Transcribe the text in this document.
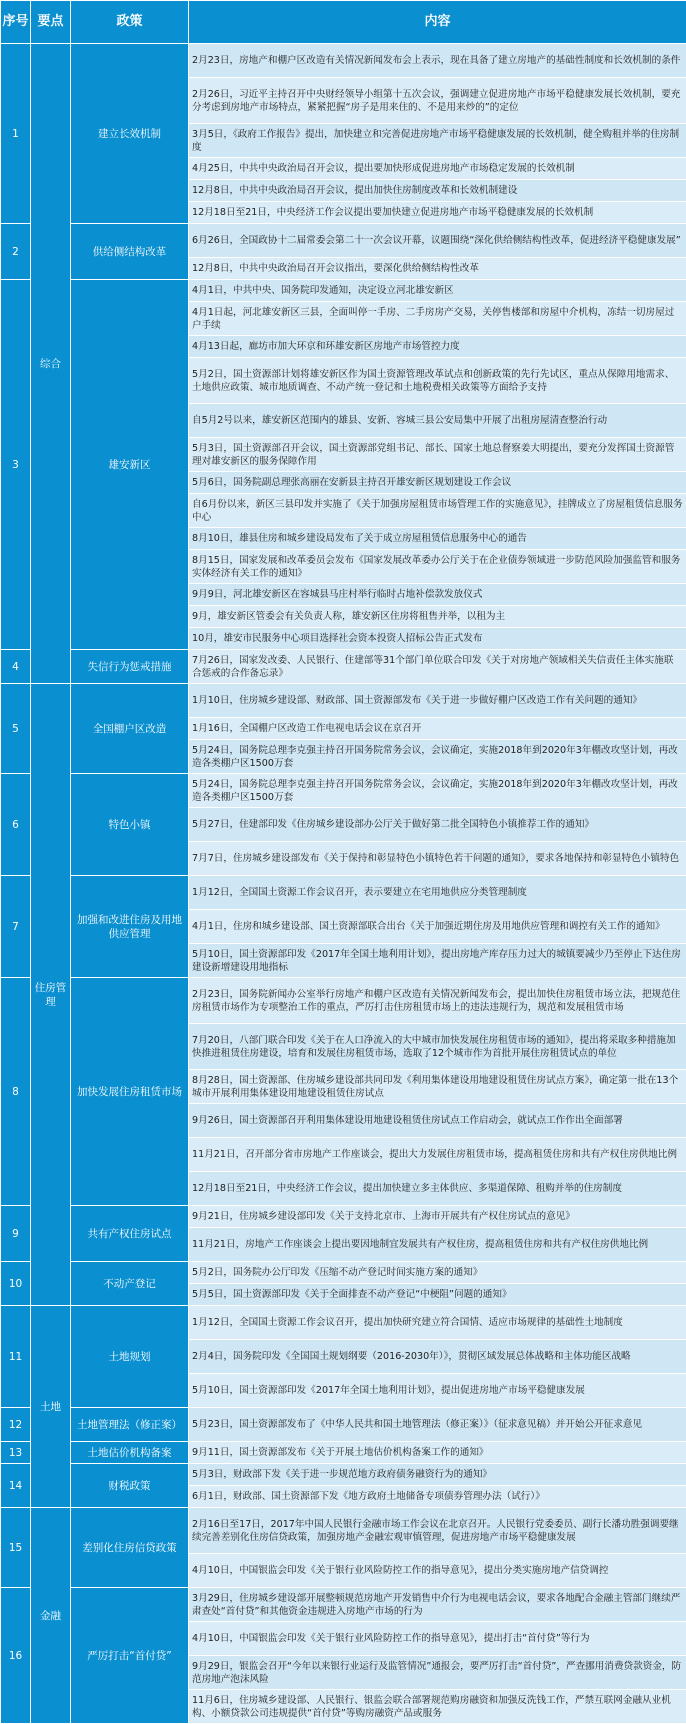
序号	要点	政策	内容
1	综合	建立长效机制	2月23日，房地产和棚户区改造有关情况新闻发布会上表示，现在具备了建立房地产的基础性制度和长效机制的条件

			2月26日，习近平主持召开中央财经领导小组第十五次会议，强调建立促进房地产市场平稳健康发展长效机制，要充分考虑到房地产市场特点，紧紧把握“房子是用来住的、不是用来炒的”的定位

			3月5日，《政府工作报告》提出，加快建立和完善促进房地产市场平稳健康发展的长效机制，健全购租并举的住房制度

			4月25日，中共中央政治局召开会议，提出要加快形成促进房地产市场稳定发展的长效机制

			12月8日，中共中央政治局召开会议，提出加快住房制度改革和长效机制建设

			12月18日至21日，中央经济工作会议提出要加快建立促进房地产市场平稳健康发展的长效机制

2		供给侧结构改革	6月26日，全国政协十二届常委会第二十一次会议开幕，议题围绕“深化供给侧结构性改革，促进经济平稳健康发展”

			12月8日，中共中央政治局召开会议指出，要深化供给侧结构性改革

3		雄安新区	4月1日，中共中央、国务院印发通知，决定设立河北雄安新区

			4月1日起，河北雄安新区三县，全面叫停一手房、二手房房产交易，关停售楼部和房屋中介机构，冻结一切房屋过户手续

			4月13日起，廊坊市加大环京和环雄安新区房地产市场管控力度

			5月2日，国土资源部计划将雄安新区作为国土资源管理改革试点和创新政策的先行先试区，重点从保障用地需求、土地供应政策、城市地质调查、不动产统一登记和土地税费相关政策等方面给予支持

			自5月2号以来，雄安新区范围内的雄县、安新、容城三县公安局集中开展了出租房屋清查整治行动

			5月3日，国土资源部召开会议，国土资源部党组书记、部长、国家土地总督察姜大明提出，要充分发挥国土资源管理对雄安新区的服务保障作用

			5月6日，国务院副总理张高丽在安新县主持召开雄安新区规划建设工作会议

			自6月份以来，新区三县印发并实施了《关于加强房屋租赁市场管理工作的实施意见》，挂牌成立了房屋租赁信息服务中心

			8月10日，雄县住房和城乡建设局发布了关于成立房屋租赁信息服务中心的通告

			8月15日，国家发展和改革委员会发布《国家发展改革委办公厅关于在企业债券领域进一步防范风险加强监管和服务实体经济有关工作的通知》

			9月9日，河北雄安新区在容城县马庄村举行临时占地补偿款发放仪式

			9月，雄安新区管委会有关负责人称，雄安新区住房将租售并举，以租为主

			10月，雄安市民服务中心项目选择社会资本投资人招标公告正式发布

4		失信行为惩戒措施	7月26日，国家发改委、人民银行、住建部等31个部门单位联合印发《关于对房地产领域相关失信责任主体实施联合惩戒的合作备忘录》

5	住房管理	全国棚户区改造	1月10日，住房城乡建设部、财政部、国土资源部发布《关于进一步做好棚户区改造工作有关问题的通知》

			1月16日，全国棚户区改造工作电视电话会议在京召开

			5月24日，国务院总理李克强主持召开国务院常务会议，会议确定，实施2018年到2020年3年棚改攻坚计划，再改造各类棚户区1500万套

6		特色小镇	5月24日，国务院总理李克强主持召开国务院常务会议，会议确定，实施2018年到2020年3年棚改攻坚计划，再改造各类棚户区1500万套

			5月27日，住建部印发《住房城乡建设部办公厅关于做好第二批全国特色小镇推荐工作的通知》

			7月7日，住房城乡建设部发布《关于保持和彰显特色小镇特色若干问题的通知》，要求各地保持和彰显特色小镇特色

7		加强和改进住房及用地供应管理	1月12日，全国国土资源工作会议召开，表示要建立在宅用地供应分类管理制度

			4月1日，住房和城乡建设部、国土资源部联合出台《关于加强近期住房及用地供应管理和调控有关工作的通知》

			5月10日，国土资源部印发《2017年全国土地利用计划》，提出房地产库存压力过大的城镇要减少乃至停止下达住房建设新增建设用地指标

8		加快发展住房租赁市场	2月23日，国务院新闻办公室举行房地产和棚户区改造有关情况新闻发布会，提出加快住房租赁市场立法，把规范住房租赁市场作为专项整治工作的重点，严厉打击住房租赁市场上的违法违规行为，规范和发展租赁市场

			7月20日，八部门联合印发《关于在人口净流入的大中城市加快发展住房租赁市场的通知》，提出将采取多种措施加快推进租赁住房建设，培育和发展住房租赁市场，选取了12个城市作为首批开展住房租赁试点的单位

			8月28日，国土资源部、住房城乡建设部共同印发《利用集体建设用地建设租赁住房试点方案》，确定第一批在13个城市开展利用集体建设用地建设租赁住房试点

			9月26日，国土资源部召开利用集体建设用地建设租赁住房试点工作启动会，就试点工作作出全面部署

			11月21日，召开部分省市房地产工作座谈会，提出大力发展住房租赁市场，提高租赁住房和共有产权住房供地比例

			12月18日至21日，中央经济工作会议，提出加快建立多主体供应、多渠道保障、租购并举的住房制度

9		共有产权住房试点	9月21日，住房城乡建设部印发《关于支持北京市、上海市开展共有产权住房试点的意见》

			11月21日，房地产工作座谈会上提出要因地制宜发展共有产权住房，提高租赁住房和共有产权住房供地比例

10		不动产登记	5月2日，国务院办公厅印发《压缩不动产登记时间实施方案的通知》

			5月5日，国土资源部印发《关于全面排查不动产登记“中梗阻”问题的通知》

11	土地	土地规划	1月12日，全国国土资源工作会议召开，提出加快研究建立符合国情、适应市场规律的基础性土地制度

			2月4日，国务院印发《全国国土规划纲要（2016-2030年）》，贯彻区域发展总体战略和主体功能区战略

			5月10日，国土资源部印发《2017年全国土地利用计划》，提出促进房地产市场平稳健康发展

12		土地管理法（修正案）	5月23日，国土资源部发布了《中华人民共和国土地管理法（修正案）》（征求意见稿）并开始公开征求意见

13		土地估价机构备案	9月11日，国土资源部发布《关于开展土地估价机构备案工作的通知》

14		财税政策	5月3日，财政部下发《关于进一步规范地方政府债务融资行为的通知》

			6月1日，财政部、国土资源部下发《地方政府土地储备专项债券管理办法（试行）》

15	金融	差别化住房信贷政策	2月16日至17日，2017年中国人民银行金融市场工作会议在北京召开。人民银行党委委员、副行长潘功胜强调要继续完善差别化住房信贷政策，加强房地产金融宏观审慎管理，促进房地产市场平稳健康发展

			4月10日，中国银监会印发《关于银行业风险防控工作的指导意见》，提出分类实施房地产信贷调控

16		严厉打击“首付贷”	3月29日，住房城乡建设部开展整顿规范房地产开发销售中介行为电视电话会议，要求各地配合金融主管部门继续严肃查处“首付贷”和其他资金违规进入房地产市场的行为

			4月10日，中国银监会印发《关于银行业风险防控工作的指导意见》，提出打击“首付贷”等行为

			9月29日，银监会召开“今年以来银行业运行及监管情况”通报会，要严厉打击“首付贷”，严查挪用消费贷款资金，防范房地产泡沫风险

			11月6日，住房城乡建设部、人民银行、银监会联合部署规范购房融资和加强反洗钱工作，严禁互联网金融从业机构、小额贷款公司违规提供“首付贷”等购房融资产品或服务
